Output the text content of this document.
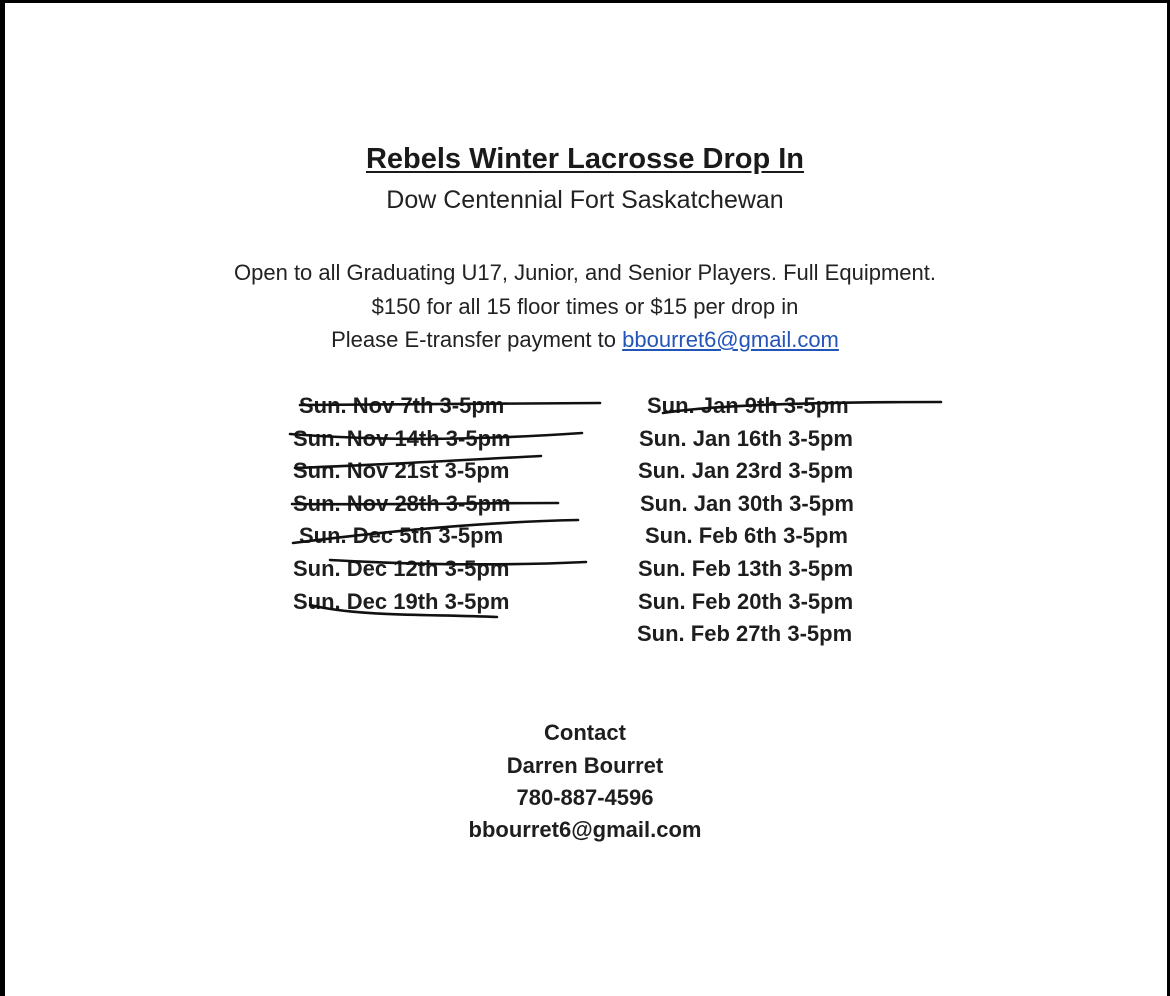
Rebels Winter Lacrosse Drop In
Dow Centennial Fort Saskatchewan
Open to all Graduating U17, Junior, and Senior Players. Full Equipment.
$150 for all 15 floor times or $15 per drop in
Please E-transfer payment to bbourret6@gmail.com
Sun. Nov 7th 3-5pm
Sun. Nov 14th 3-5pm
Sun. Nov 21st 3-5pm
Sun. Nov 28th 3-5pm
Sun. Dec 5th 3-5pm
Sun. Dec 12th 3-5pm
Sun. Dec 19th 3-5pm
Sun. Jan 9th 3-5pm
Sun. Jan 16th 3-5pm
Sun. Jan 23rd 3-5pm
Sun. Jan 30th 3-5pm
Sun. Feb 6th 3-5pm
Sun. Feb 13th 3-5pm
Sun. Feb 20th 3-5pm
Sun. Feb 27th 3-5pm
Contact
Darren Bourret
780-887-4596
bbourret6@gmail.com
